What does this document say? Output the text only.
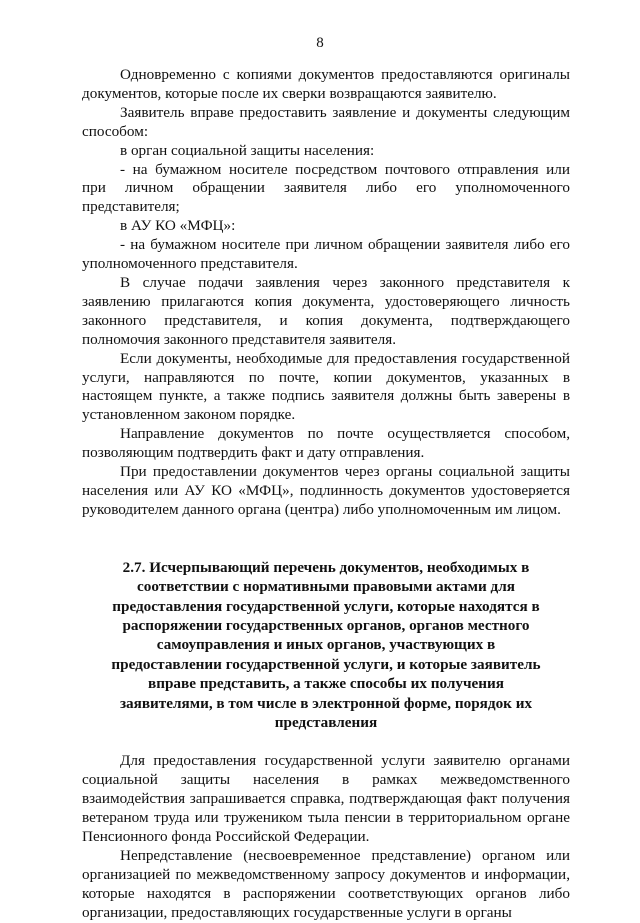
8

Одновременно с копиями документов предоставляются оригиналы документов, которые после их сверки возвращаются заявителю.

Заявитель вправе предоставить заявление и документы следующим способом:

в орган социальной защиты населения:

- на бумажном носителе посредством почтового отправления или при личном обращении заявителя либо его уполномоченного представителя;

в АУ КО «МФЦ»:

- на бумажном носителе при личном обращении заявителя либо его уполномоченного представителя.

В случае подачи заявления через законного представителя к заявлению прилагаются копия документа, удостоверяющего личность законного представителя, и копия документа, подтверждающего полномочия законного представителя заявителя.

Если документы, необходимые для предоставления государственной услуги, направляются по почте, копии документов, указанных в настоящем пункте, а также подпись заявителя должны быть заверены в установленном законом порядке.

Направление документов по почте осуществляется способом, позволяющим подтвердить факт и дату отправления.

При предоставлении документов через органы социальной защиты населения или АУ КО «МФЦ», подлинность документов удостоверяется руководителем данного органа (центра) либо уполномоченным им лицом.

2.7. Исчерпывающий перечень документов, необходимых в соответствии с нормативными правовыми актами для предоставления государственной услуги, которые находятся в распоряжении государственных органов, органов местного самоуправления и иных органов, участвующих в предоставлении государственной услуги, и которые заявитель вправе представить, а также способы их получения заявителями, в том числе в электронной форме, порядок их представления

Для предоставления государственной услуги заявителю органами социальной защиты населения в рамках межведомственного взаимодействия запрашивается справка, подтверждающая факт получения ветераном труда или тружеником тыла пенсии в территориальном органе Пенсионного фонда Российской Федерации.

Непредставление (несвоевременное представление) органом или организацией по межведомственному запросу документов и информации, которые находятся в распоряжении соответствующих органов либо организации, предоставляющих государственные услуги в органы
